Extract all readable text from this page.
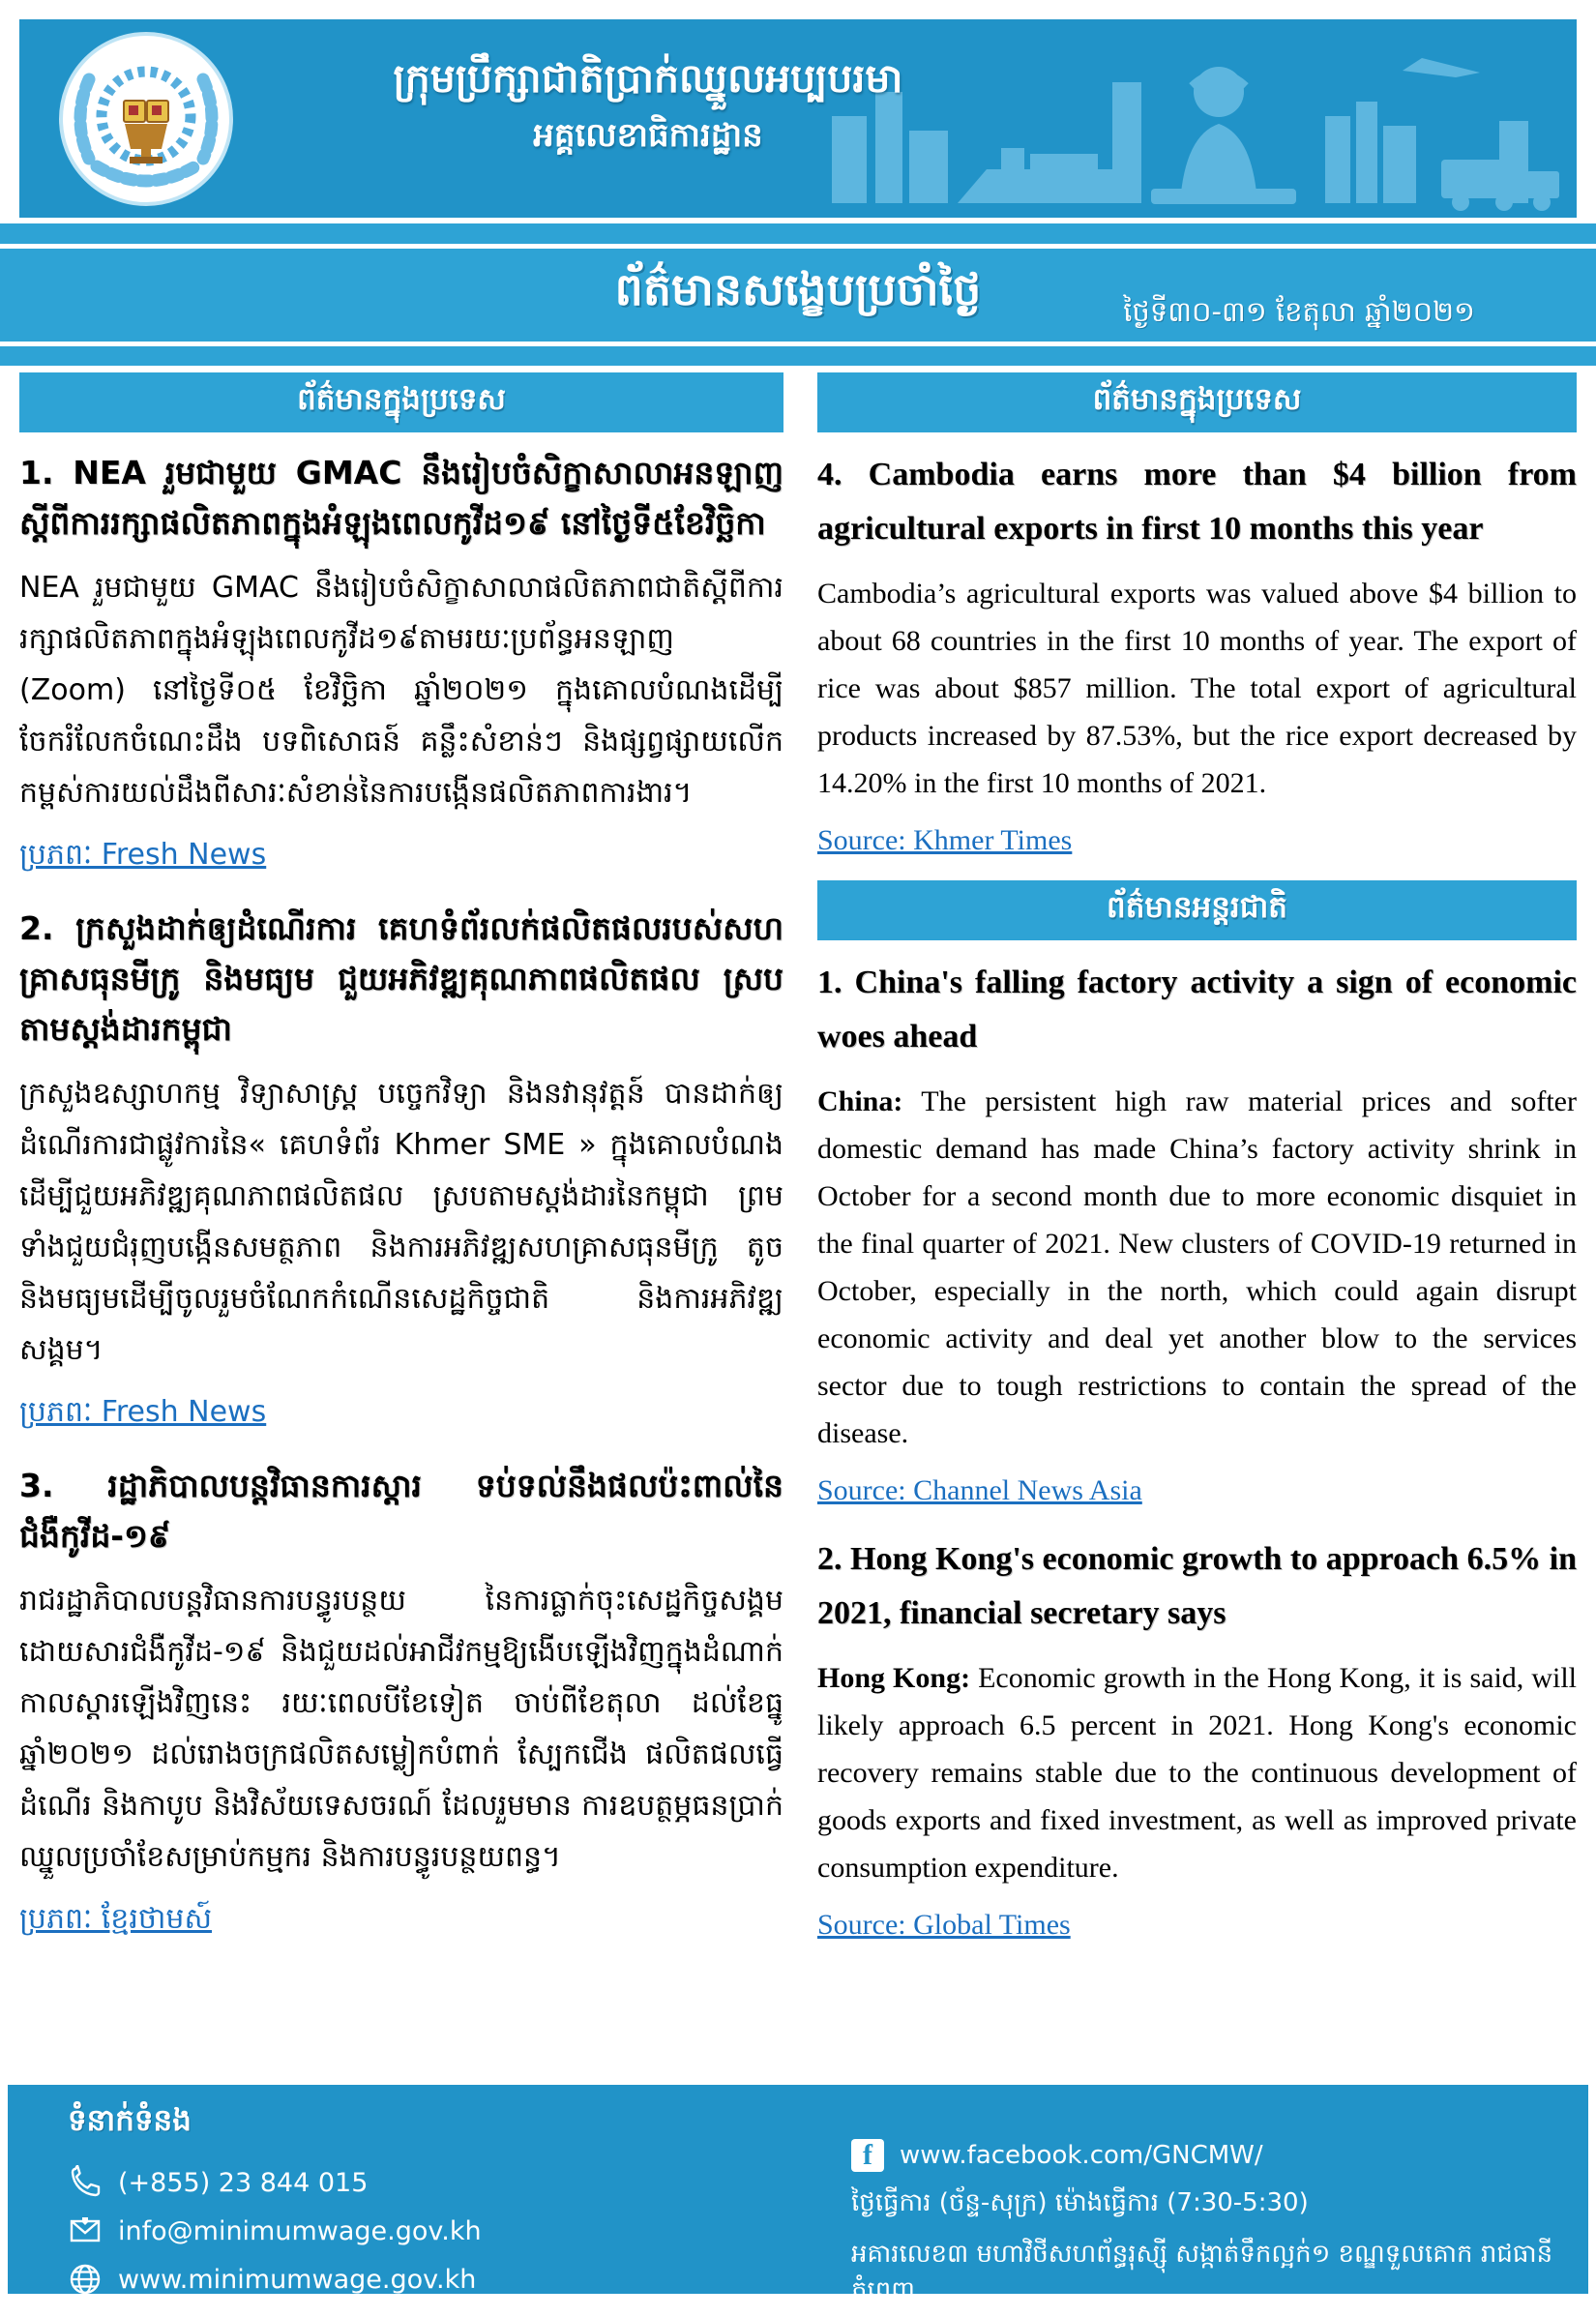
ក្រុមប្រឹក្សាជាតិប្រាក់ឈ្នួលអប្បបរមា
អគ្គលេខាធិការដ្ឋាន
ព័ត៌មានសង្ខេបប្រចាំថ្ងៃ	ថ្ងៃទី៣០-៣១ ខែតុលា ឆ្នាំ២០២១
ព័ត៌មានក្នុងប្រទេស
1. NEA រួមជាមួយ GMAC នឹងរៀបចំសិក្ខាសាលាអនឡាញ ស្តីពីការរក្សាផលិតភាពក្នុងអំឡុងពេលកូវីដ១៩ នៅថ្ងៃទី៥ខែវិច្ឆិកា
NEA រួមជាមួយ GMAC នឹងរៀបចំសិក្ខាសាលាផលិតភាពជាតិស្តីពីការរក្សាផលិតភាពក្នុងអំឡុងពេលកូវីដ១៩តាមរយៈប្រព័ន្ធអនឡាញ (Zoom) នៅថ្ងៃទី០៥ ខែវិច្ឆិកា ឆ្នាំ២០២១ ក្នុងគោលបំណងដើម្បីចែករំលែកចំណេះដឹង បទពិសោធន៍ គន្លឹះសំខាន់ៗ និងផ្សព្វផ្សាយលើកកម្ពស់ការយល់ដឹងពីសារៈសំខាន់នៃការបង្កើនផលិតភាពការងារ។
ប្រភពៈ Fresh News
2. ក្រសួងដាក់ឲ្យដំណើរការ គេហទំព័រលក់ផលិតផលរបស់សហគ្រាសធុនមីក្រូ និងមធ្យម ជួយអភិវឌ្ឍគុណភាពផលិតផល ស្របតាមស្តង់ដារកម្ពុជា
ក្រសួងឧស្សាហកម្ម វិទ្យាសាស្ត្រ បច្ចេកវិទ្យា និងនវានុវត្តន៍ បានដាក់ឲ្យដំណើរការជាផ្លូវការនៃ« គេហទំព័រ Khmer SME » ក្នុងគោលបំណងដើម្បីជួយអភិវឌ្ឍគុណភាពផលិតផល ស្របតាមស្តង់ដារនៃកម្ពុជា ព្រមទាំងជួយជំរុញបង្កើនសមត្ថភាព និងការអភិវឌ្ឍសហគ្រាសធុនមីក្រូ តូច និងមធ្យមដើម្បីចូលរួមចំណែកកំណើនសេដ្ឋកិច្ចជាតិ និងការអភិវឌ្ឍសង្គម។
ប្រភពៈ Fresh News
3. រដ្ឋាភិបាលបន្តវិធានការស្តារ ទប់ទល់នឹងផលប៉ះពាល់នៃជំងឺកូវីដ-១៩
រាជរដ្ឋាភិបាលបន្តវិធានការបន្ធូរបន្ថយ នៃការធ្លាក់ចុះសេដ្ឋកិច្ចសង្គមដោយសារជំងឺកូវីដ-១៩ និងជួយដល់អាជីវកម្មឱ្យងើបឡើងវិញក្នុងដំណាក់កាលស្តារឡើងវិញនេះ រយៈពេលបីខែទៀត ចាប់ពីខែតុលា ដល់ខែធ្នូ ឆ្នាំ២០២១ ដល់រោងចក្រផលិតសម្លៀកបំពាក់ ស្បែកជើង ផលិតផលធ្វើដំណើរ និងកាបូប និងវិស័យទេសចរណ៍ ដែលរួមមាន ការឧបត្ថម្ភធនប្រាក់ឈ្នួលប្រចាំខែសម្រាប់កម្មករ និងការបន្ធូរបន្ថយពន្ធ។
ប្រភពៈ ខ្មែរថាមស៍
ព័ត៌មានក្នុងប្រទេស
4. Cambodia earns more than $4 billion from agricultural exports in first 10 months this year
Cambodia’s agricultural exports was valued above $4 billion to about 68 countries in the first 10 months of year. The export of rice was about $857 million. The total export of agricultural products increased by 87.53%, but the rice export decreased by 14.20% in the first 10 months of 2021.
Source: Khmer Times
ព័ត៌មានអន្តរជាតិ
1. China's falling factory activity a sign of economic woes ahead
China: The persistent high raw material prices and softer domestic demand has made China’s factory activity shrink in October for a second month due to more economic disquiet in the final quarter of 2021. New clusters of COVID-19 returned in October, especially in the north, which could again disrupt economic activity and deal yet another blow to the services sector due to tough restrictions to contain the spread of the disease.
Source: Channel News Asia
2. Hong Kong's economic growth to approach 6.5% in 2021, financial secretary says
Hong Kong: Economic growth in the Hong Kong, it is said, will likely approach 6.5 percent in 2021. Hong Kong's economic recovery remains stable due to the continuous development of goods exports and fixed investment, as well as improved private consumption expenditure.
Source: Global Times
ទំនាក់ទំនង
(+855) 23 844 015
info@minimumwage.gov.kh
www.minimumwage.gov.kh
f	www.facebook.com/GNCMW/
ថ្ងៃធ្វើការ (ច័ន្ទ-សុក្រ) ម៉ោងធ្វើការ (7:30-5:30)
អគារលេខ៣ មហាវិថីសហព័ន្ធរុស្ស៊ី សង្កាត់ទឹកល្អក់១ ខណ្ឌទួលគោក រាជធានីភ្នំពេញ
